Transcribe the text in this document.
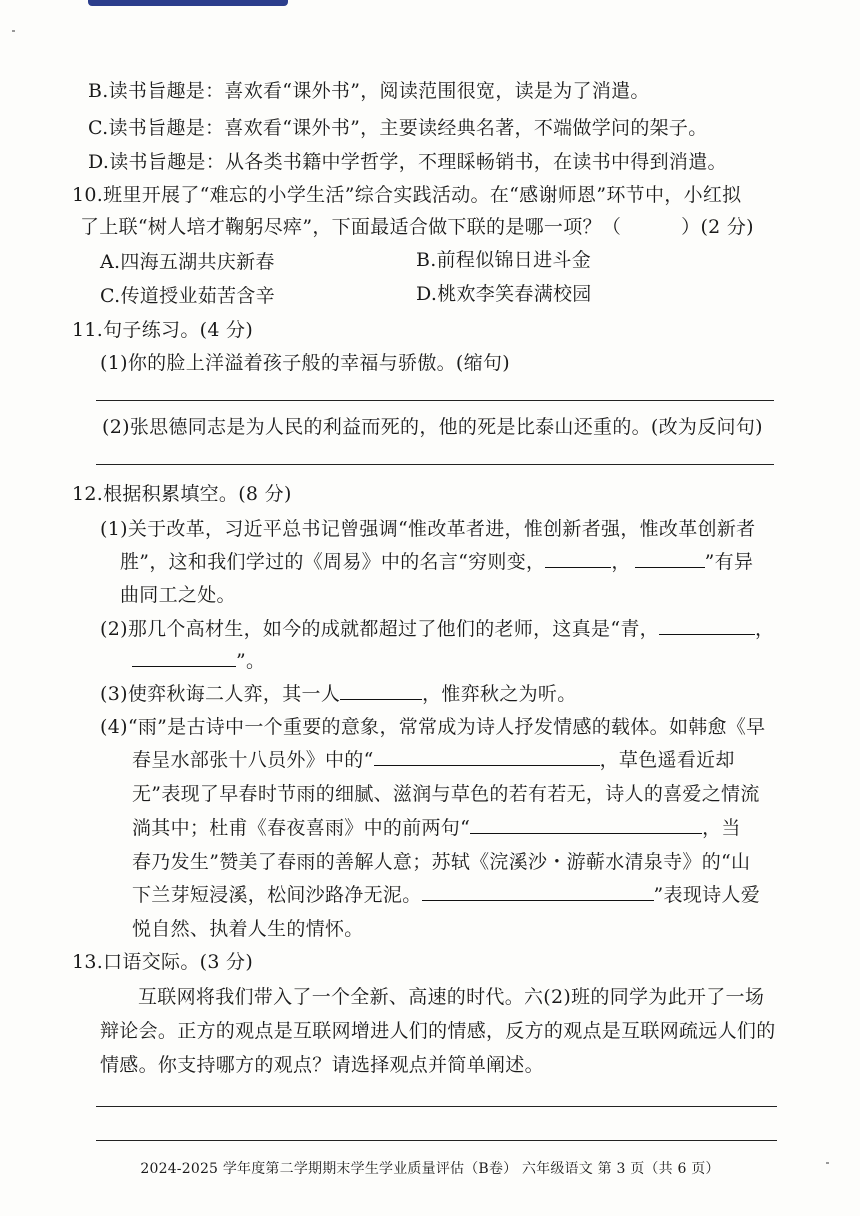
B.读书旨趣是：喜欢看“课外书”，阅读范围很宽，读是为了消遣。
C.读书旨趣是：喜欢看“课外书”，主要读经典名著，不端做学问的架子。
D.读书旨趣是：从各类书籍中学哲学，不理睬畅销书，在读书中得到消遣。
10.班里开展了“难忘的小学生活”综合实践活动。在“感谢师恩”环节中，小红拟
了上联“树人培才鞠躬尽瘁”，下面最适合做下联的是哪一项？（	）(2 分)
A.四海五湖共庆新春	B.前程似锦日进斗金
C.传道授业茹苦含辛	D.桃欢李笑春满校园
11.句子练习。(4 分)
(1)你的脸上洋溢着孩子般的幸福与骄傲。(缩句)
(2)张思德同志是为人民的利益而死的，他的死是比泰山还重的。(改为反问句)
12.根据积累填空。(8 分)
(1)关于改革，习近平总书记曾强调“惟改革者进，惟创新者强，惟改革创新者
胜”，这和我们学过的《周易》中的名言“穷则变，	，	”有异
曲同工之处。
(2)那几个高材生，如今的成就都超过了他们的老师，这真是“青，	，
”。
(3)使弈秋诲二人弈，其一人	，惟弈秋之为听。
(4)“雨”是古诗中一个重要的意象，常常成为诗人抒发情感的载体。如韩愈《早
春呈水部张十八员外》中的“	，草色遥看近却
无”表现了早春时节雨的细腻、滋润与草色的若有若无，诗人的喜爱之情流
淌其中；杜甫《春夜喜雨》中的前两句“	，当
春乃发生”赞美了春雨的善解人意；苏轼《浣溪沙・游蕲水清泉寺》的“山
下兰芽短浸溪，松间沙路净无泥。	”表现诗人爱
悦自然、执着人生的情怀。
13.口语交际。(3 分)
互联网将我们带入了一个全新、高速的时代。六(2)班的同学为此开了一场
辩论会。正方的观点是互联网增进人们的情感，反方的观点是互联网疏远人们的
情感。你支持哪方的观点？请选择观点并简单阐述。
2024-2025 学年度第二学期期末学生学业质量评估（B卷） 六年级语文 第 3 页（共 6 页）
